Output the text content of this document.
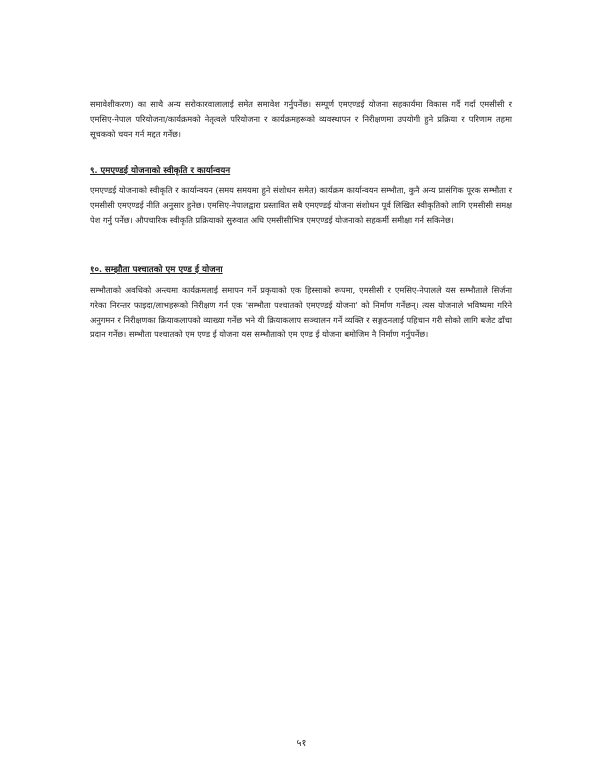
समावेशीकरण) का साथै अन्य सरोकारवालालाई समेत समावेश गर्नुपर्नेछ। सम्पूर्ण एमएण्डई योजना सहकार्यमा विकास गर्दै गर्दा एमसीसी र एमसिए-नेपाल परियोजना/कार्यक्रमको नेतृत्वले परियोजना र कार्यक्रमहरूको व्यवस्थापन र निरीक्षणमा उपयोगी हुने प्रक्रिया र परिणाम तहमा सूचकको चयन गर्न मद्दत गर्नेछ।

९. एमएण्डई योजनाको स्वीकृति र कार्यान्वयन

एमएण्डई योजनाको स्वीकृति र कार्यान्वयन (समय समयमा हुने संशोधन समेत) कार्यक्रम कार्यान्वयन सम्भौता, कुनै अन्य प्रासंगिक पूरक सम्भौता र एमसीसी एमएण्डई नीति अनुसार हुनेछ। एमसिए-नेपालद्वारा प्रस्तावित सबै एमएण्डई योजना संशोधन पूर्व लिखित स्वीकृतिको लागि एमसीसी समक्ष पेश गर्नु पर्नेछ। औपचारिक स्वीकृति प्रक्रियाको सुरुवात अघि एमसीसीभित्र एमएण्डई योजनाको सहकर्मी समीक्षा गर्न सकिनेछ।

१०. सम्झौता पश्चातको एम एण्ड ई योजना

सम्भौताको अवधिको अन्त्यमा कार्यक्रमलाई समापन गर्ने प्रकृयाको एक हिस्साको रूपमा, एमसीसी र एमसिए-नेपालले यस सम्भौताले सिर्जना गरेका निरन्तर फाइदा/लाभहरूको निरीक्षण गर्न एक 'सम्भौता पश्चातको एमएण्डई योजना' को निर्माण गर्नेछन्। त्यस योजनाले भविष्यमा गरिने अनुगमन र निरीक्षणका क्रियाकलापको व्याख्या गर्नेछ भने यी क्रियाकलाप सञ्चालन गर्ने व्यक्ति र सङ्गठनलाई पहिचान गरी सोको लागि बजेट ढाँचा प्रदान गर्नेछ। सम्भौता पश्चातको एम एण्ड ई योजना यस सम्भौताको एम एण्ड ई योजना बमोजिम नै निर्माण गर्नुपर्नेछ।

५१
